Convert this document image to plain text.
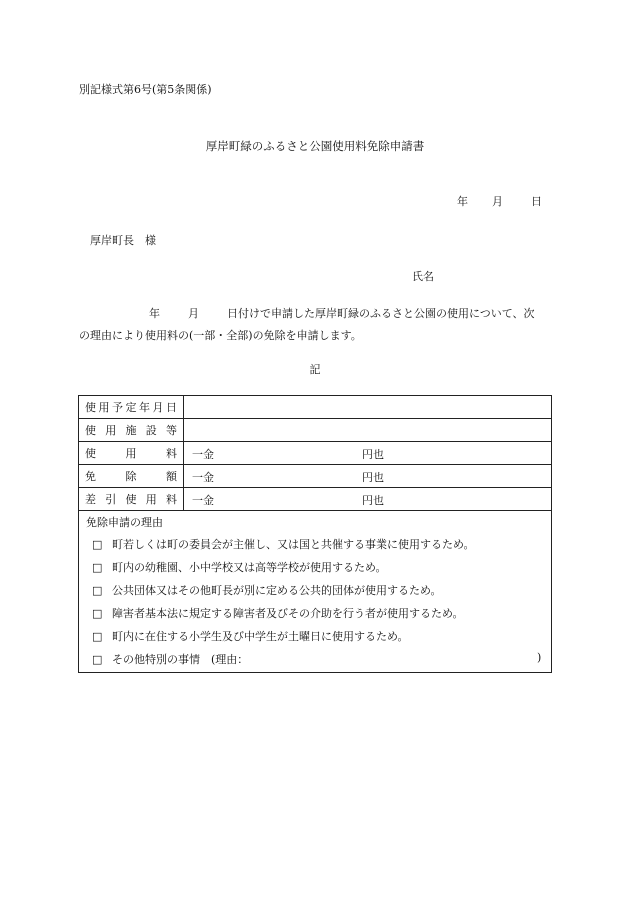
別記様式第6号(第5条関係)
厚岸町緑のふるさと公園使用料免除申請書
年 月	日
厚岸町長　様
氏名
年	月	日付けで申請した厚岸町緑のふるさと公園の使用について、次
の理由により使用料の(一部・全部)の免除を申請します。
記
使用予定年月日	

使用施設等	

使用料	一金 円也

免除額	一金 円也

差引使用料	一金 円也
免除申請の理由
□ 町若しくは町の委員会が主催し、又は国と共催する事業に使用するため。
□ 町内の幼稚園、小中学校又は高等学校が使用するため。
□ 公共団体又はその他町長が別に定める公共的団体が使用するため。
□ 障害者基本法に規定する障害者及びその介助を行う者が使用するため。
□ 町内に在住する小学生及び中学生が土曜日に使用するため。
□ その他特別の事情　(理由：	)
